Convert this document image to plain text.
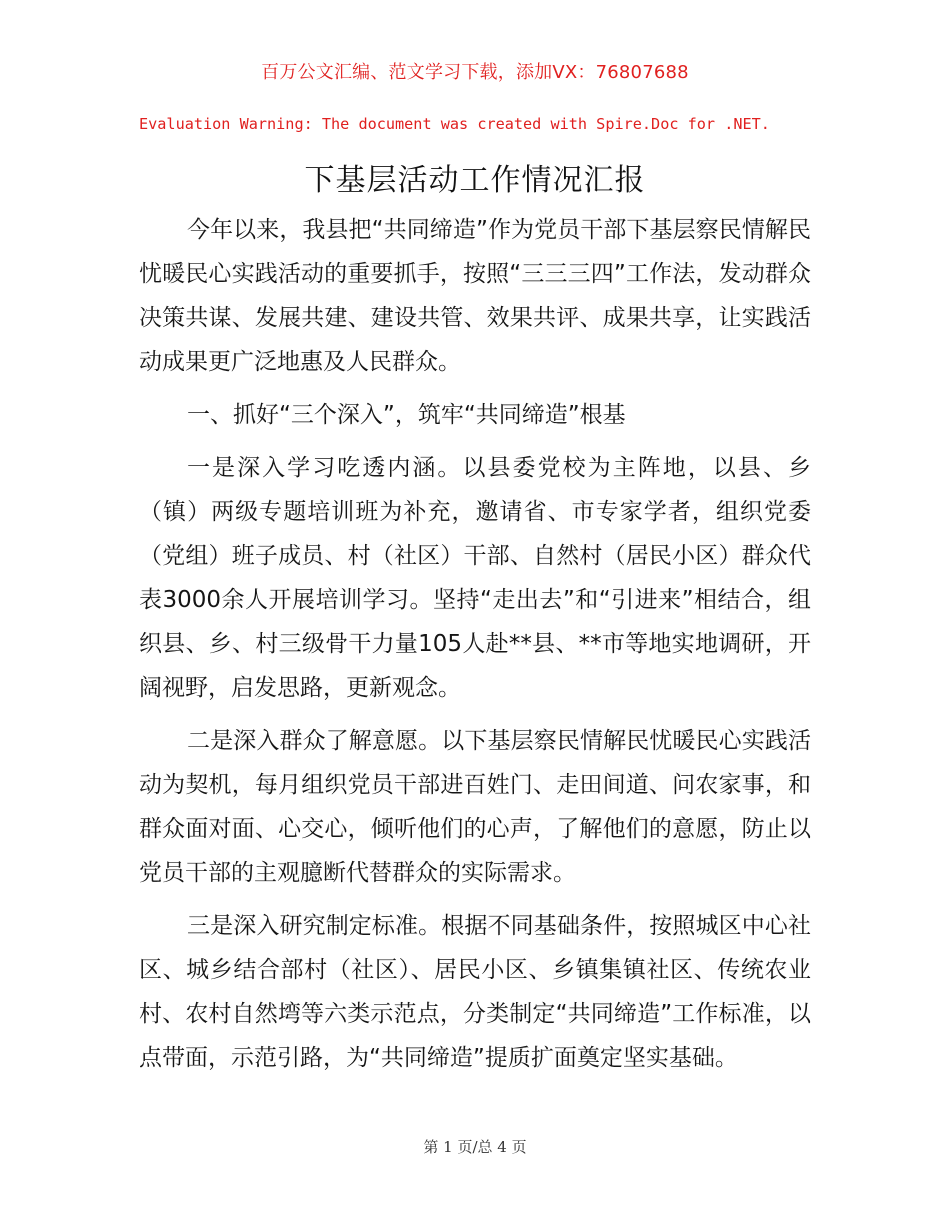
百万公文汇编、范文学习下载，添加VX：76807688
Evaluation Warning: The document was created with Spire.Doc for .NET.
下基层活动工作情况汇报

今年以来，我县把“共同缔造”作为党员干部下基层察民情解民忧暖民心实践活动的重要抓手，按照“三三三四”工作法，发动群众决策共谋、发展共建、建设共管、效果共评、成果共享，让实践活动成果更广泛地惠及人民群众。

一、抓好“三个深入”，筑牢“共同缔造”根基

一是深入学习吃透内涵。以县委党校为主阵地，以县、乡（镇）两级专题培训班为补充，邀请省、市专家学者，组织党委（党组）班子成员、村（社区）干部、自然村（居民小区）群众代表3000余人开展培训学习。坚持“走出去”和“引进来”相结合，组织县、乡、村三级骨干力量105人赴**县、**市等地实地调研，开阔视野，启发思路，更新观念。

二是深入群众了解意愿。以下基层察民情解民忧暖民心实践活动为契机，每月组织党员干部进百姓门、走田间道、问农家事，和群众面对面、心交心，倾听他们的心声，了解他们的意愿，防止以党员干部的主观臆断代替群众的实际需求。

三是深入研究制定标准。根据不同基础条件，按照城区中心社区、城乡结合部村（社区）、居民小区、乡镇集镇社区、传统农业村、农村自然塆等六类示范点，分类制定“共同缔造”工作标准，以点带面，示范引路，为“共同缔造”提质扩面奠定坚实基础。

第 1 页/总 4 页
